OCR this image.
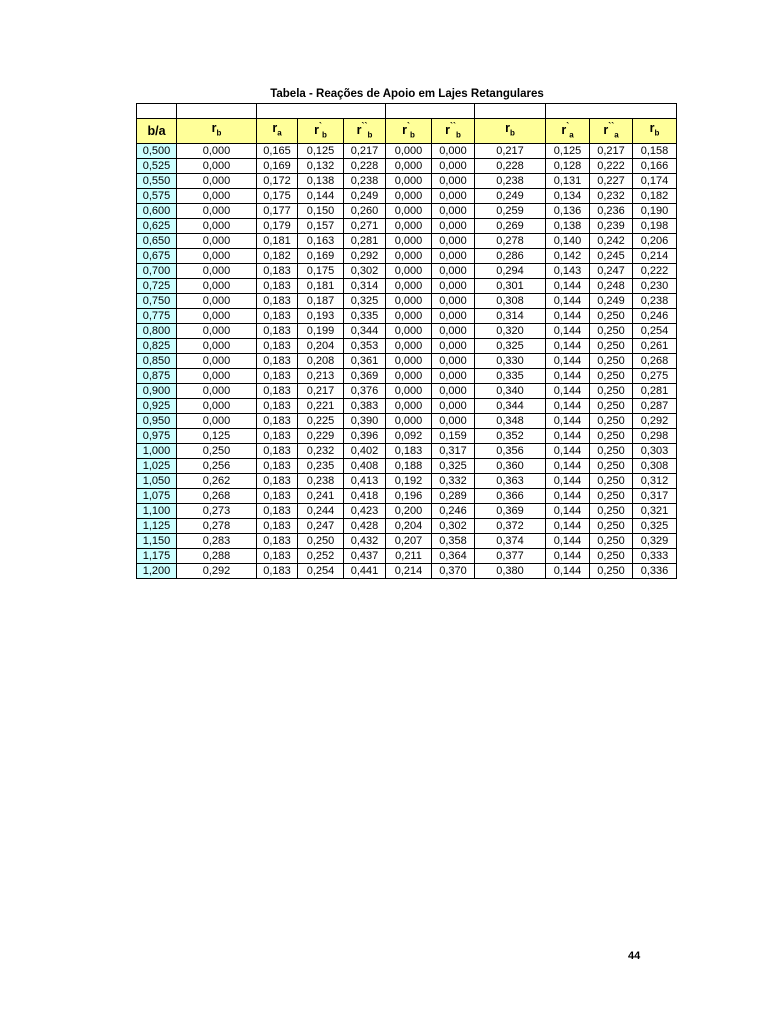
Tabela - Reações de Apoio em Lajes Retangulares

b/a	$r_b$	$r_a$	$r^`_b$	$r^{``}_b$	$r^`_b$	$r^{``}_b$	$r_b$	$r^`_a$	$r^{``}_a$	$r_b$
0,500	0,000	0,165	0,125	0,217	0,000	0,000	0,217	0,125	0,217	0,158
0,525	0,000	0,169	0,132	0,228	0,000	0,000	0,228	0,128	0,222	0,166
0,550	0,000	0,172	0,138	0,238	0,000	0,000	0,238	0,131	0,227	0,174
0,575	0,000	0,175	0,144	0,249	0,000	0,000	0,249	0,134	0,232	0,182
0,600	0,000	0,177	0,150	0,260	0,000	0,000	0,259	0,136	0,236	0,190
0,625	0,000	0,179	0,157	0,271	0,000	0,000	0,269	0,138	0,239	0,198
0,650	0,000	0,181	0,163	0,281	0,000	0,000	0,278	0,140	0,242	0,206
0,675	0,000	0,182	0,169	0,292	0,000	0,000	0,286	0,142	0,245	0,214
0,700	0,000	0,183	0,175	0,302	0,000	0,000	0,294	0,143	0,247	0,222
0,725	0,000	0,183	0,181	0,314	0,000	0,000	0,301	0,144	0,248	0,230
0,750	0,000	0,183	0,187	0,325	0,000	0,000	0,308	0,144	0,249	0,238
0,775	0,000	0,183	0,193	0,335	0,000	0,000	0,314	0,144	0,250	0,246
0,800	0,000	0,183	0,199	0,344	0,000	0,000	0,320	0,144	0,250	0,254
0,825	0,000	0,183	0,204	0,353	0,000	0,000	0,325	0,144	0,250	0,261
0,850	0,000	0,183	0,208	0,361	0,000	0,000	0,330	0,144	0,250	0,268
0,875	0,000	0,183	0,213	0,369	0,000	0,000	0,335	0,144	0,250	0,275
0,900	0,000	0,183	0,217	0,376	0,000	0,000	0,340	0,144	0,250	0,281
0,925	0,000	0,183	0,221	0,383	0,000	0,000	0,344	0,144	0,250	0,287
0,950	0,000	0,183	0,225	0,390	0,000	0,000	0,348	0,144	0,250	0,292
0,975	0,125	0,183	0,229	0,396	0,092	0,159	0,352	0,144	0,250	0,298
1,000	0,250	0,183	0,232	0,402	0,183	0,317	0,356	0,144	0,250	0,303
1,025	0,256	0,183	0,235	0,408	0,188	0,325	0,360	0,144	0,250	0,308
1,050	0,262	0,183	0,238	0,413	0,192	0,332	0,363	0,144	0,250	0,312
1,075	0,268	0,183	0,241	0,418	0,196	0,289	0,366	0,144	0,250	0,317
1,100	0,273	0,183	0,244	0,423	0,200	0,246	0,369	0,144	0,250	0,321
1,125	0,278	0,183	0,247	0,428	0,204	0,302	0,372	0,144	0,250	0,325
1,150	0,283	0,183	0,250	0,432	0,207	0,358	0,374	0,144	0,250	0,329
1,175	0,288	0,183	0,252	0,437	0,211	0,364	0,377	0,144	0,250	0,333
1,200	0,292	0,183	0,254	0,441	0,214	0,370	0,380	0,144	0,250	0,336
44
